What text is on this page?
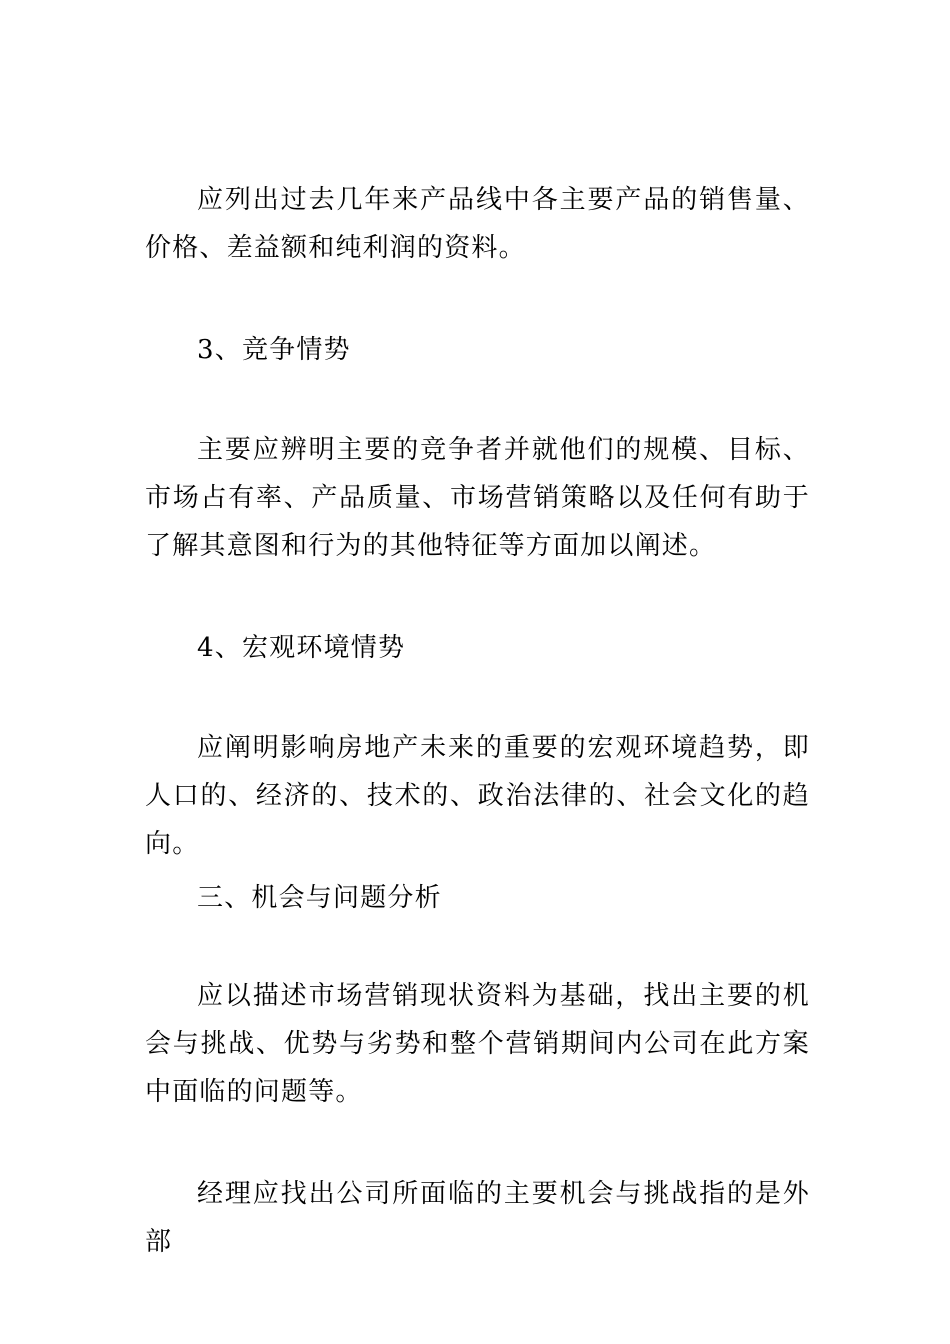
应列出过去几年来产品线中各主要产品的销售量、价格、差益额和纯利润的资料。

3、竞争情势

主要应辨明主要的竞争者并就他们的规模、目标、市场占有率、产品质量、市场营销策略以及任何有助于了解其意图和行为的其他特征等方面加以阐述。

4、宏观环境情势

应阐明影响房地产未来的重要的宏观环境趋势，即人口的、经济的、技术的、政治法律的、社会文化的趋向。

三、机会与问题分析

应以描述市场营销现状资料为基础，找出主要的机会与挑战、优势与劣势和整个营销期间内公司在此方案中面临的问题等。

经理应找出公司所面临的主要机会与挑战指的是外部
